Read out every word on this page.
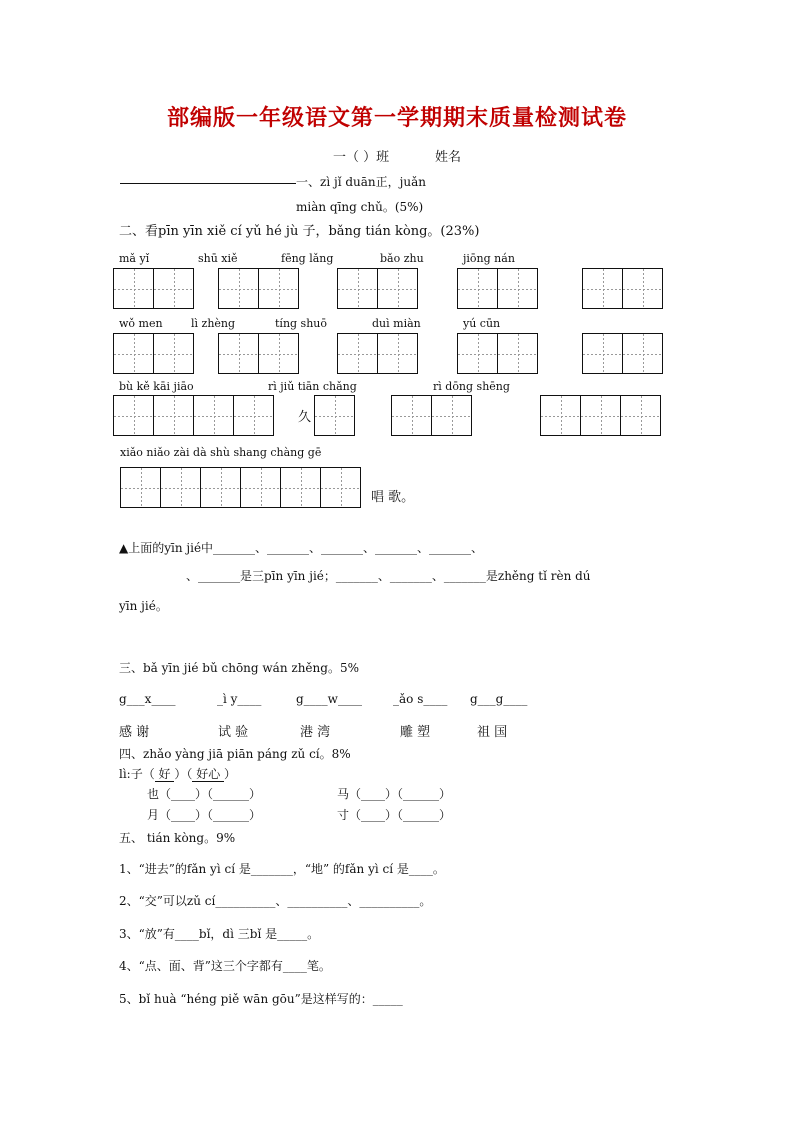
部编版一年级语文第一学期期末质量检测试卷
一（ ）班	姓名
一、zì jǐ duān正，juǎn
miàn qīng chǔ。(5%)
二、看pīn yīn xiě cí yǔ hé jù 子，bǎng tián kòng。(23%)
mǎ yǐ	shū xiě	fēng lǎng	bǎo zhu	jiōng nán
wǒ men	lì zhèng	tíng shuō	duì miàn	yú cūn
bù kě kāi jiāo	rì jiǔ tiān chǎng	rì dōng shēng
久
xiǎo niǎo zài dà shù shang chàng gē
唱 歌。
▲上面的yīn jié中_______、_______、_______、_______、_______、
、_______是三pīn yīn jié；_______、_______、_______是zhěng tǐ rèn dú
yīn jié。
三、bǎ yīn jié bǔ chōng wán zhěng。5%
g___x____	_ì y____	g____w____	_ǎo s____ g___g____
感 谢	试 验	港 湾	雕 塑	祖 国
四、zhǎo yàng jiā piān páng zǔ cí。8%
lì:子（ 好 ）（ 好心 ）
也（____）（______）	马（____）（______）
月（____）（______）	寸（____）（______）
五、 tián kòng。9%
1、“进去”的fǎn yì cí 是_______，“地” 的fǎn yì cí 是____。
2、“交”可以zǔ cí__________、__________、__________。
3、“放”有____bǐ，dì 三bǐ 是_____。
4、“点、面、背”这三个字都有____笔。
5、bǐ huà “héng piě wān gōu”是这样写的：_____
